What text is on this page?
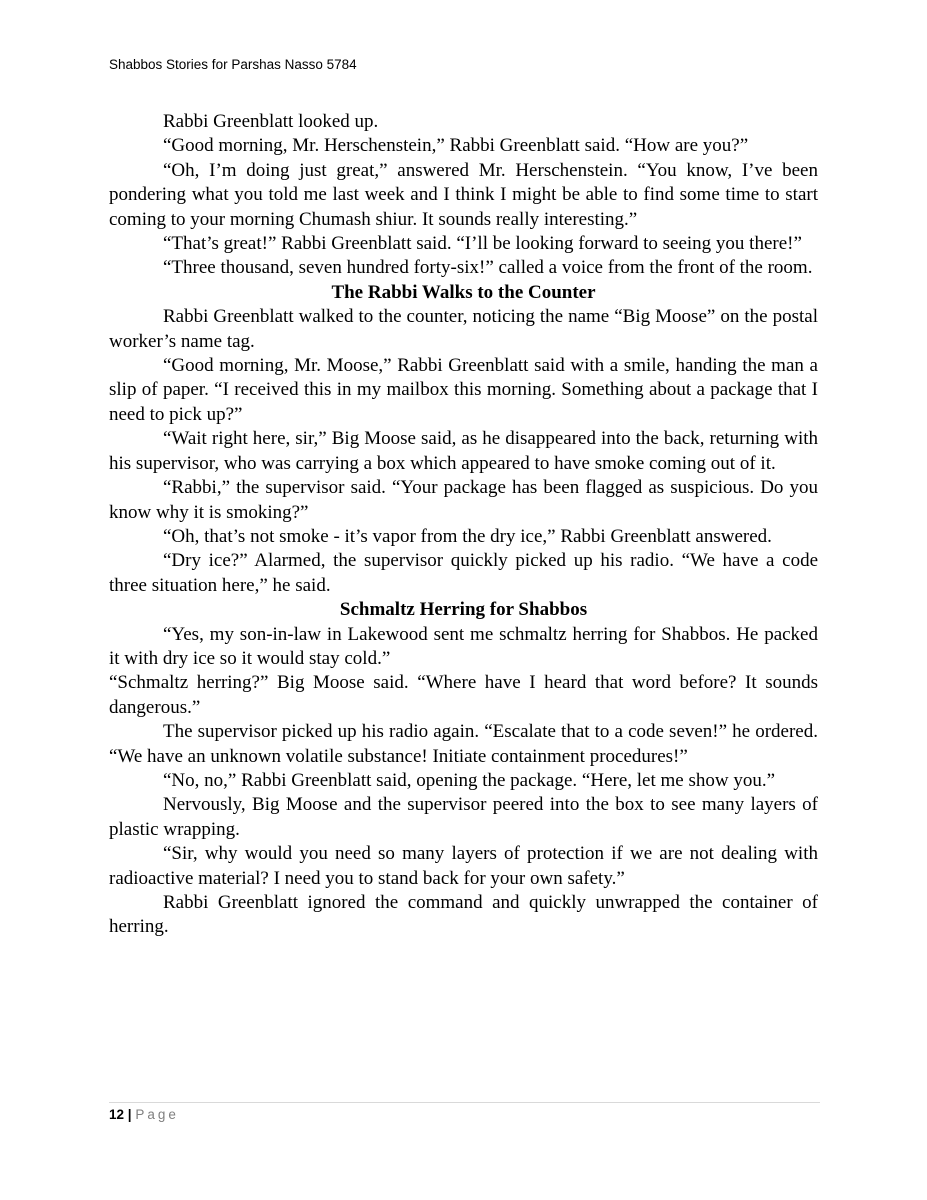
Shabbos Stories for Parshas Nasso 5784

Rabbi Greenblatt looked up.

“Good morning, Mr. Herschenstein,” Rabbi Greenblatt said. “How are you?”

“Oh, I’m doing just great,” answered Mr. Herschenstein. “You know, I’ve been pondering what you told me last week and I think I might be able to find some time to start coming to your morning Chumash shiur. It sounds really interesting.”

“That’s great!” Rabbi Greenblatt said. “I’ll be looking forward to seeing you there!”

“Three thousand, seven hundred forty-six!” called a voice from the front of the room.

The Rabbi Walks to the Counter

Rabbi Greenblatt walked to the counter, noticing the name “Big Moose” on the postal worker’s name tag.

“Good morning, Mr. Moose,” Rabbi Greenblatt said with a smile, handing the man a slip of paper. “I received this in my mailbox this morning. Something about a package that I need to pick up?”

“Wait right here, sir,” Big Moose said, as he disappeared into the back, returning with his supervisor, who was carrying a box which appeared to have smoke coming out of it.

“Rabbi,” the supervisor said. “Your package has been flagged as suspicious. Do you know why it is smoking?”

“Oh, that’s not smoke - it’s vapor from the dry ice,” Rabbi Greenblatt answered.

“Dry ice?” Alarmed, the supervisor quickly picked up his radio. “We have a code three situation here,” he said.

Schmaltz Herring for Shabbos

“Yes, my son-in-law in Lakewood sent me schmaltz herring for Shabbos. He packed it with dry ice so it would stay cold.”

“Schmaltz herring?” Big Moose said. “Where have I heard that word before? It sounds dangerous.”

The supervisor picked up his radio again. “Escalate that to a code seven!” he ordered. “We have an unknown volatile substance! Initiate containment procedures!”

“No, no,” Rabbi Greenblatt said, opening the package. “Here, let me show you.”

Nervously, Big Moose and the supervisor peered into the box to see many layers of plastic wrapping.

“Sir, why would you need so many layers of protection if we are not dealing with radioactive material? I need you to stand back for your own safety.”

Rabbi Greenblatt ignored the command and quickly unwrapped the container of herring.

12 | Page
